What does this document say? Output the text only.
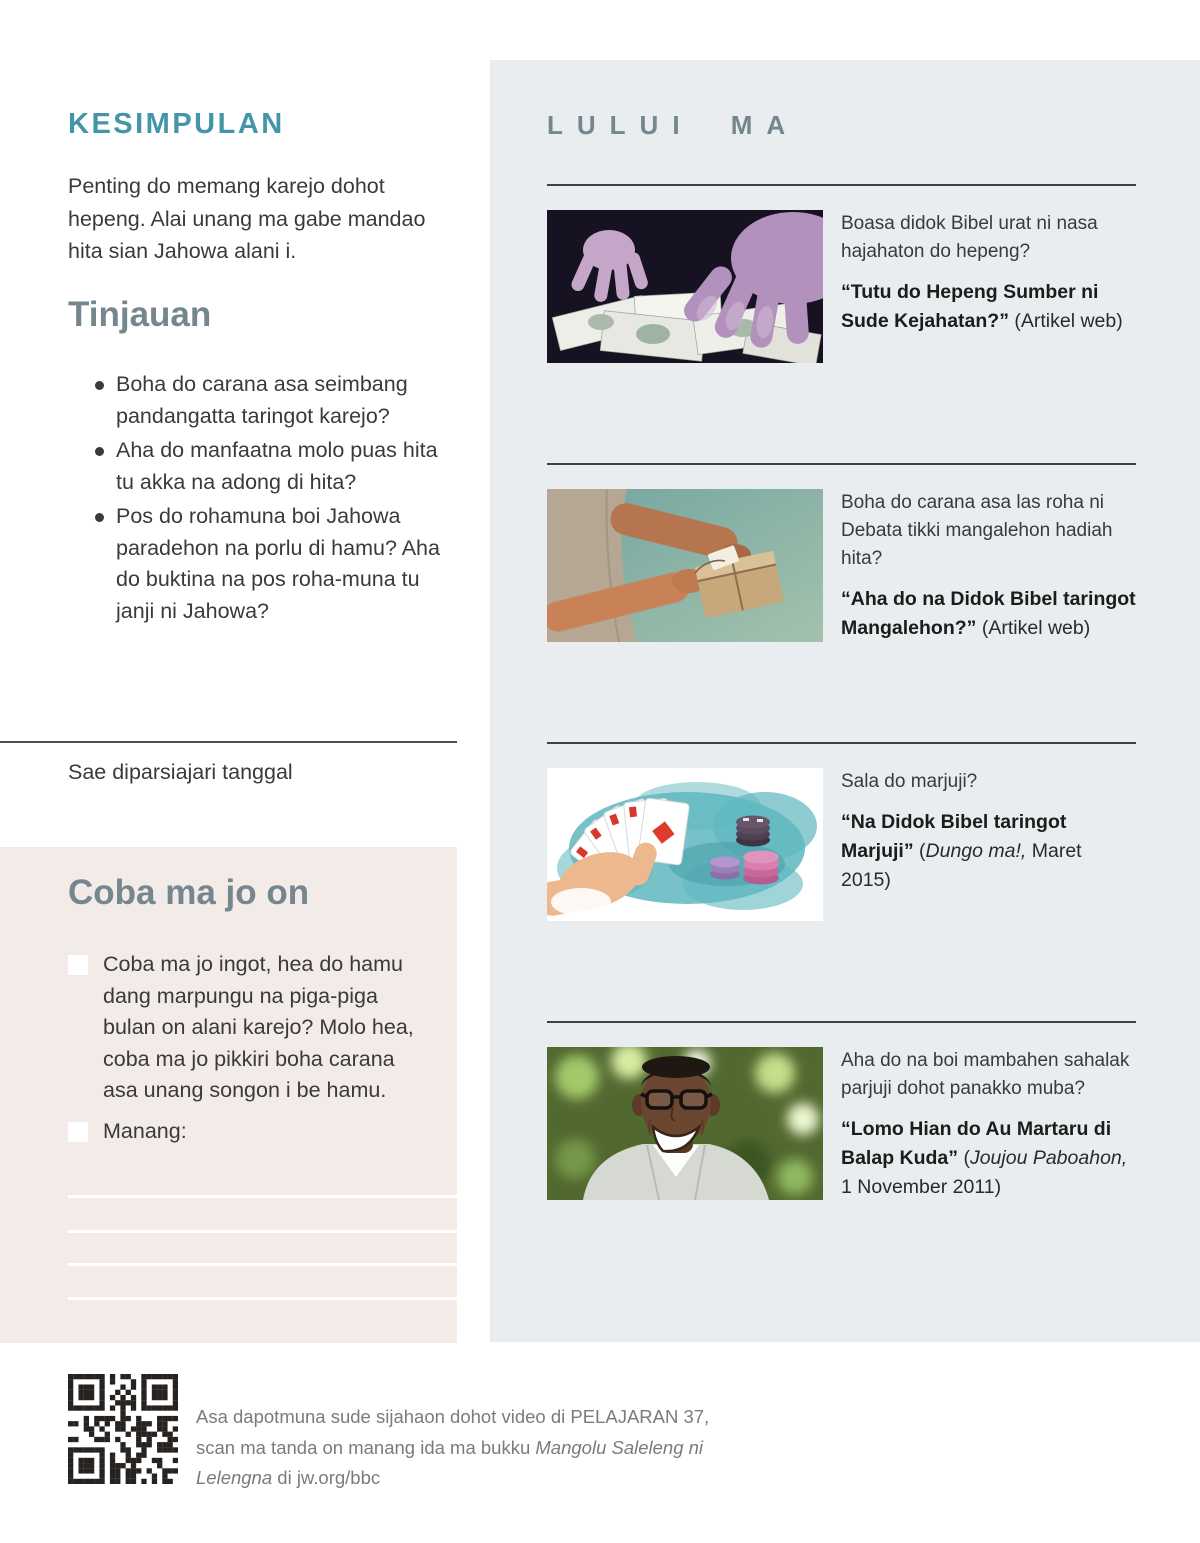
KESIMPULAN

Penting do memang karejo dohot hepeng. Alai unang ma gabe mandao hita sian Jahowa alani i.

Tinjauan
Boha do carana asa seimbang pandangatta taringot karejo?
Aha do manfaatna molo puas hita tu akka na adong di hita?
Pos do rohamuna boi Jahowa paradehon na porlu di hamu? Aha do buktina na pos roha-muna tu janji ni Jahowa?

Sae diparsiajari tanggal

Coba ma jo on

Coba ma jo ingot, hea do hamu dang marpungu na piga-piga bulan on alani karejo? Molo hea, coba ma jo pikkiri boha carana asa unang songon i be hamu.

Manang:

Asa dapotmuna sude sijahaon dohot video di PELAJARAN 37, scan ma tanda on manang ida ma bukku Mangolu Saleleng ni Lelengna di jw.org/bbc

LULUI MA

Boasa didok Bibel urat ni nasa hajahaton do hepeng?

“Tutu do Hepeng Sumber ni Sude Kejahatan?” (Artikel web)

Boha do carana asa las roha ni Debata tikki mangalehon hadiah hita?

“Aha do na Didok Bibel taringot Mangalehon?” (Artikel web)

Sala do marjuji?

“Na Didok Bibel taringot Marjuji” (Dungo ma!, Maret 2015)

Aha do na boi mambahen sahalak parjuji dohot panakko muba?

“Lomo Hian do Au Martaru di Balap Kuda” (Joujou Paboahon, 1 November 2011)
